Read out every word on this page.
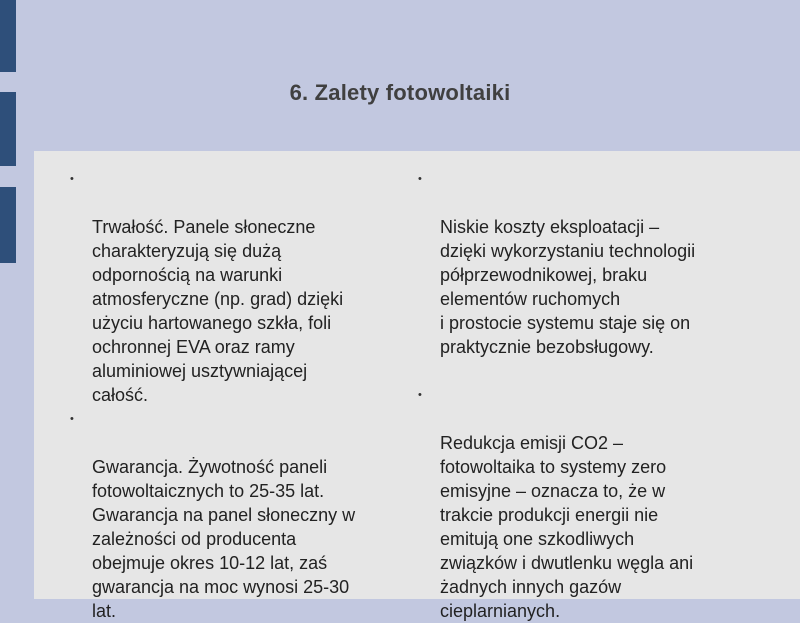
6. Zalety fotowoltaiki

•

Trwałość. Panele słoneczne
charakteryzują się dużą
odpornością na warunki
atmosferyczne (np. grad) dzięki
użyciu hartowanego szkła, foli
ochronnej EVA oraz ramy
aluminiowej usztywniającej
całość.

•

Gwarancja. Żywotność paneli
fotowoltaicznych to 25-35 lat.
Gwarancja na panel słoneczny w
zależności od producenta
obejmuje okres 10-12 lat, zaś
gwarancja na moc wynosi 25-30
lat.

•

Niskie koszty eksploatacji –
dzięki wykorzystaniu technologii
półprzewodnikowej, braku
elementów ruchomych
i prostocie systemu staje się on
praktycznie bezobsługowy.

•

Redukcja emisji CO2 –
fotowoltaika to systemy zero
emisyjne – oznacza to, że w
trakcie produkcji energii nie
emitują one szkodliwych
związków i dwutlenku węgla ani
żadnych innych gazów
cieplarnianych.
